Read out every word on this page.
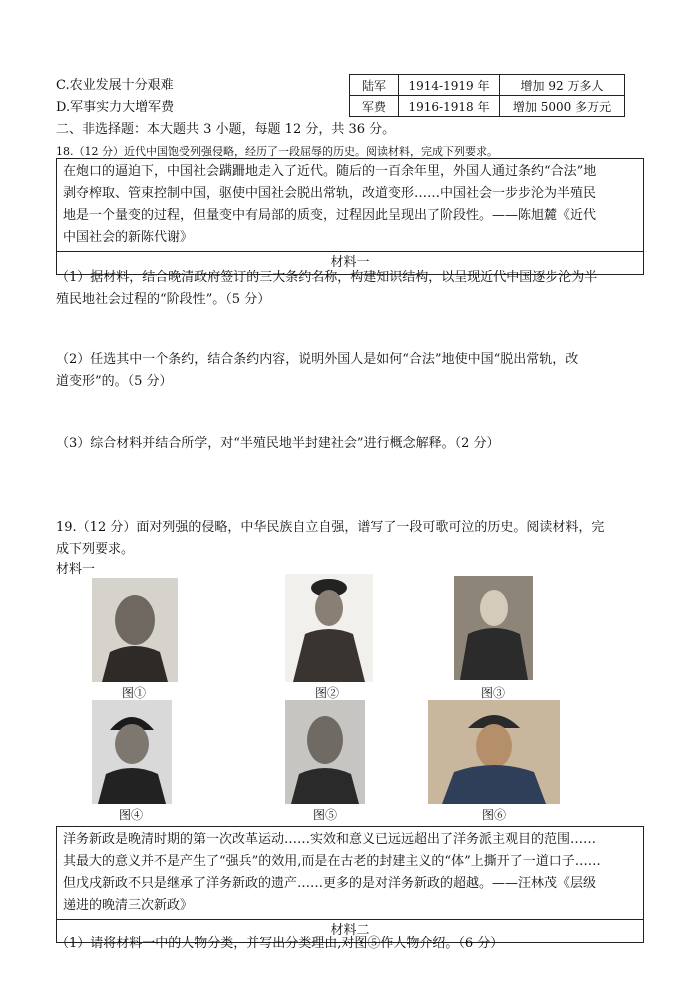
C.农业发展十分艰难
D.军事实力大增军费
陆军	1914-1919 年	增加 92 万多人
军费	1916-1918 年	增加 5000 多万元
二、非选择题：本大题共 3 小题，每题 12 分，共 36 分。
18.（12 分）近代中国饱受列强侵略，经历了一段屈辱的历史。阅读材料，完成下列要求。
在炮口的逼迫下，中国社会蹒跚地走入了近代。随后的一百余年里，外国人通过条约“合法”地
剥夺榨取、管束控制中国，驱使中国社会脱出常轨，改道变形……中国社会一步步沦为半殖民
地是一个量变的过程，但量变中有局部的质变，过程因此呈现出了阶段性。——陈旭麓《近代
中国社会的新陈代谢》
材料一
（1）据材料，结合晚清政府签订的三大条约名称，构建知识结构，以呈现近代中国逐步沦为半
殖民地社会过程的“阶段性”。（5 分）
（2）任选其中一个条约，结合条约内容，说明外国人是如何“合法”地使中国“脱出常轨，改
道变形”的。（5 分）
（3）综合材料并结合所学，对“半殖民地半封建社会”进行概念解释。（2 分）
19.（12 分）面对列强的侵略，中华民族自立自强，谱写了一段可歌可泣的历史。阅读材料，完
成下列要求。
材料一
图①	图②	图③
图④	图⑤	图⑥
洋务新政是晚清时期的第一次改革运动……实效和意义已远远超出了洋务派主观目的范围……
其最大的意义并不是产生了“强兵”的效用,而是在古老的封建主义的“体”上撕开了一道口子……
但戊戌新政不只是继承了洋务新政的遗产……更多的是对洋务新政的超越。——汪林茂《层级
递进的晚清三次新政》
材料二
（1）请将材料一中的人物分类，并写出分类理由,对图⑤作人物介绍。（6 分）
